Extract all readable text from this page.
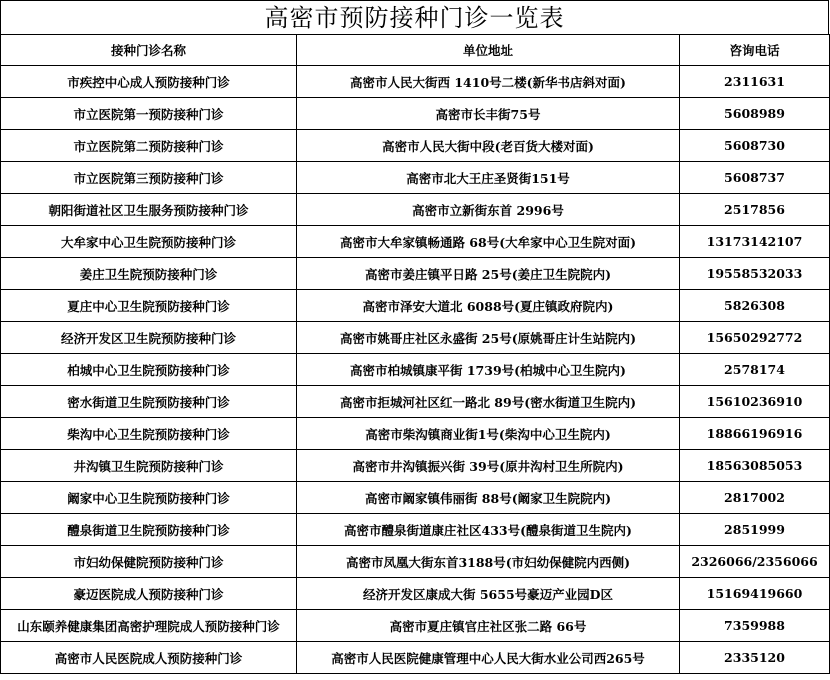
高密市预防接种门诊一览表
接种门诊名称	单位地址	咨询电话
市疾控中心成人预防接种门诊	高密市人民大街西 1410号二楼(新华书店斜对面)	2311631
市立医院第一预防接种门诊	高密市长丰街75号	5608989
市立医院第二预防接种门诊	高密市人民大街中段(老百货大楼对面)	5608730
市立医院第三预防接种门诊	高密市北大王庄圣贤街151号	5608737
朝阳街道社区卫生服务预防接种门诊	高密市立新街东首 2996号	2517856
大牟家中心卫生院预防接种门诊	高密市大牟家镇畅通路 68号(大牟家中心卫生院对面)	13173142107
姜庄卫生院预防接种门诊	高密市姜庄镇平日路 25号(姜庄卫生院院内)	19558532033
夏庄中心卫生院预防接种门诊	高密市泽安大道北 6088号(夏庄镇政府院内)	5826308
经济开发区卫生院预防接种门诊	高密市姚哥庄社区永盛街 25号(原姚哥庄计生站院内)	15650292772
柏城中心卫生院预防接种门诊	高密市柏城镇康平街 1739号(柏城中心卫生院内)	2578174
密水街道卫生院预防接种门诊	高密市拒城河社区红一路北 89号(密水街道卫生院内)	15610236910
柴沟中心卫生院预防接种门诊	高密市柴沟镇商业街1号(柴沟中心卫生院内)	18866196916
井沟镇卫生院预防接种门诊	高密市井沟镇振兴街 39号(原井沟村卫生所院内)	18563085053
阚家中心卫生院预防接种门诊	高密市阚家镇伟丽街 88号(阚家卫生院院内)	2817002
醴泉街道卫生院预防接种门诊	高密市醴泉街道康庄社区433号(醴泉街道卫生院内)	2851999
市妇幼保健院预防接种门诊	高密市凤凰大街东首3188号(市妇幼保健院内西侧)	2326066/2356066
豪迈医院成人预防接种门诊	经济开发区康成大街 5655号豪迈产业园D区	15169419660
山东颐养健康集团高密护理院成人预防接种门诊	高密市夏庄镇官庄社区张二路 66号	7359988
高密市人民医院成人预防接种门诊	高密市人民医院健康管理中心人民大街水业公司西265号	2335120
